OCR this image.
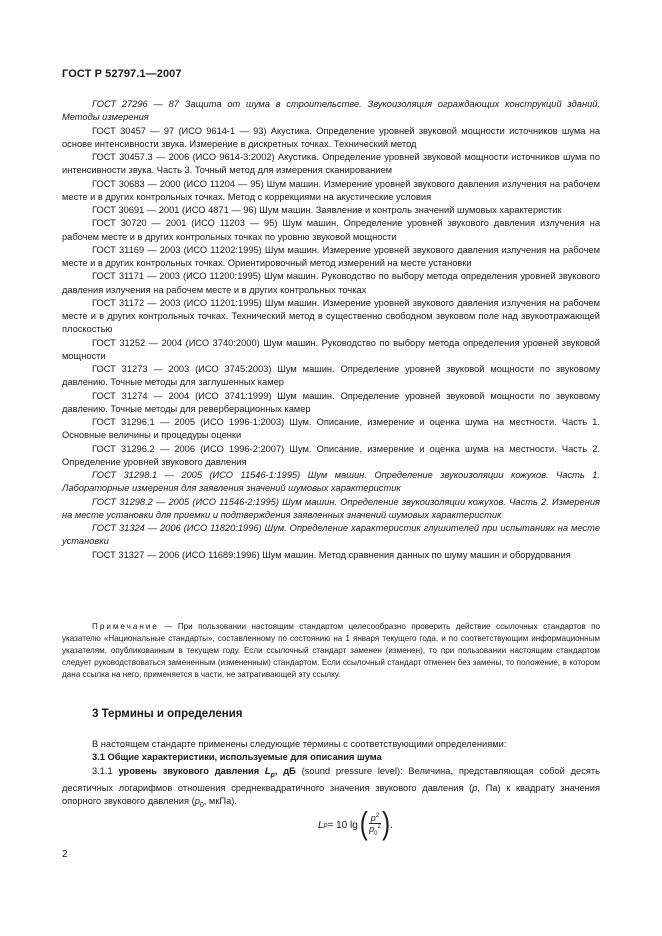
ГОСТ Р 52797.1—2007

ГОСТ 27296 — 87 Защита от шума в строительстве. Звукоизоляция ограждающих конструкций зданий. Методы измерения

ГОСТ 30457 — 97 (ИСО 9614-1 — 93) Акустика. Определение уровней звуковой мощности источников шума на основе интенсивности звука. Измерение в дискретных точках. Технический метод

ГОСТ 30457.3 — 2006 (ИСО 9614-3:2002) Акустика. Определение уровней звуковой мощности источников шума по интенсивности звука. Часть 3. Точный метод для измерения сканированием

ГОСТ 30683 — 2000 (ИСО 11204 — 95) Шум машин. Измерение уровней звукового давления излучения на рабочем месте и в других контрольных точках. Метод с коррекциями на акустические условия

ГОСТ 30691 — 2001 (ИСО 4871 — 96) Шум машин. Заявление и контроль значений шумовых характеристик

ГОСТ 30720 — 2001 (ИСО 11203 — 95) Шум машин. Определение уровней звукового давления излучения на рабочем месте и в других контрольных точках по уровню звуковой мощности

ГОСТ 31169 — 2003 (ИСО 11202:1995) Шум машин. Измерение уровней звукового давления излучения на рабочем месте и в других контрольных точках. Ориентировочный метод измерений на месте установки

ГОСТ 31171 — 2003 (ИСО 11200:1995) Шум машин. Руководство по выбору метода определения уровней звукового давления излучения на рабочем месте и в других контрольных точках

ГОСТ 31172 — 2003 (ИСО 11201:1995) Шум машин. Измерение уровней звукового давления излучения на рабочем месте и в других контрольных точках. Технический метод в существенно свободном звуковом поле над звукоотражающей плоскостью

ГОСТ 31252 — 2004 (ИСО 3740:2000) Шум машин. Руководство по выбору метода определения уровней звуковой мощности

ГОСТ 31273 — 2003 (ИСО 3745:2003) Шум машин. Определение уровней звуковой мощности по звуковому давлению. Точные методы для заглушенных камер

ГОСТ 31274 — 2004 (ИСО 3741:1999) Шум машин. Определение уровней звуковой мощности по звуковому давлению. Точные методы для реверберационных камер

ГОСТ 31296.1 — 2005 (ИСО 1996-1:2003) Шум. Описание, измерение и оценка шума на местности. Часть 1. Основные величины и процедуры оценки

ГОСТ 31296.2 — 2006 (ИСО 1996-2:2007) Шум. Описание, измерение и оценка шума на местности. Часть 2. Определение уровней звукового давления

ГОСТ 31298.1 — 2005 (ИСО 11546-1:1995) Шум машин. Определение звукоизоляции кожухов. Часть 1. Лабораторные измерения для заявления значений шумовых характеристик

ГОСТ 31298.2 — 2005 (ИСО 11546-2:1995) Шум машин. Определение звукоизоляции кожухов. Часть 2. Измерения на месте установки для приемки и подтверждения заявленных значений шумовых характеристик

ГОСТ 31324 — 2006 (ИСО 11820:1996) Шум. Определение характеристик глушителей при испытаниях на месте установки

ГОСТ 31327 — 2006 (ИСО 11689:1996) Шум машин. Метод сравнения данных по шуму машин и оборудования

Примечание — При пользовании настоящим стандартом целесообразно проверить действие ссылочных стандартов по указателю «Национальные стандарты», составленному по состоянию на 1 января текущего года, и по соответствующим информационным указателям, опубликованным в текущем году. Если ссылочный стандарт заменен (изменен), то при пользовании настоящим стандартом следует руководствоваться замененным (измененным) стандартом. Если ссылочный стандарт отменен без замены, то положение, в котором дана ссылка на него, применяется в части, не затрагивающей эту ссылку.

3 Термины и определения

В настоящем стандарте применены следующие термины с соответствующими определениями:

3.1 Общие характеристики, используемые для описания шума

3.1.1 уровень звукового давления $L_p$, дБ (sound pressure level): Величина, представляющая собой десять десятичных логарифмов отношения среднеквадратичного значения звукового давления (p, Па) к квадрату значения опорного звукового давления ($p_0$, мкПа).

L p = 10 lg ( $\frac{p^2}{p_0^2}$ ) .
2
